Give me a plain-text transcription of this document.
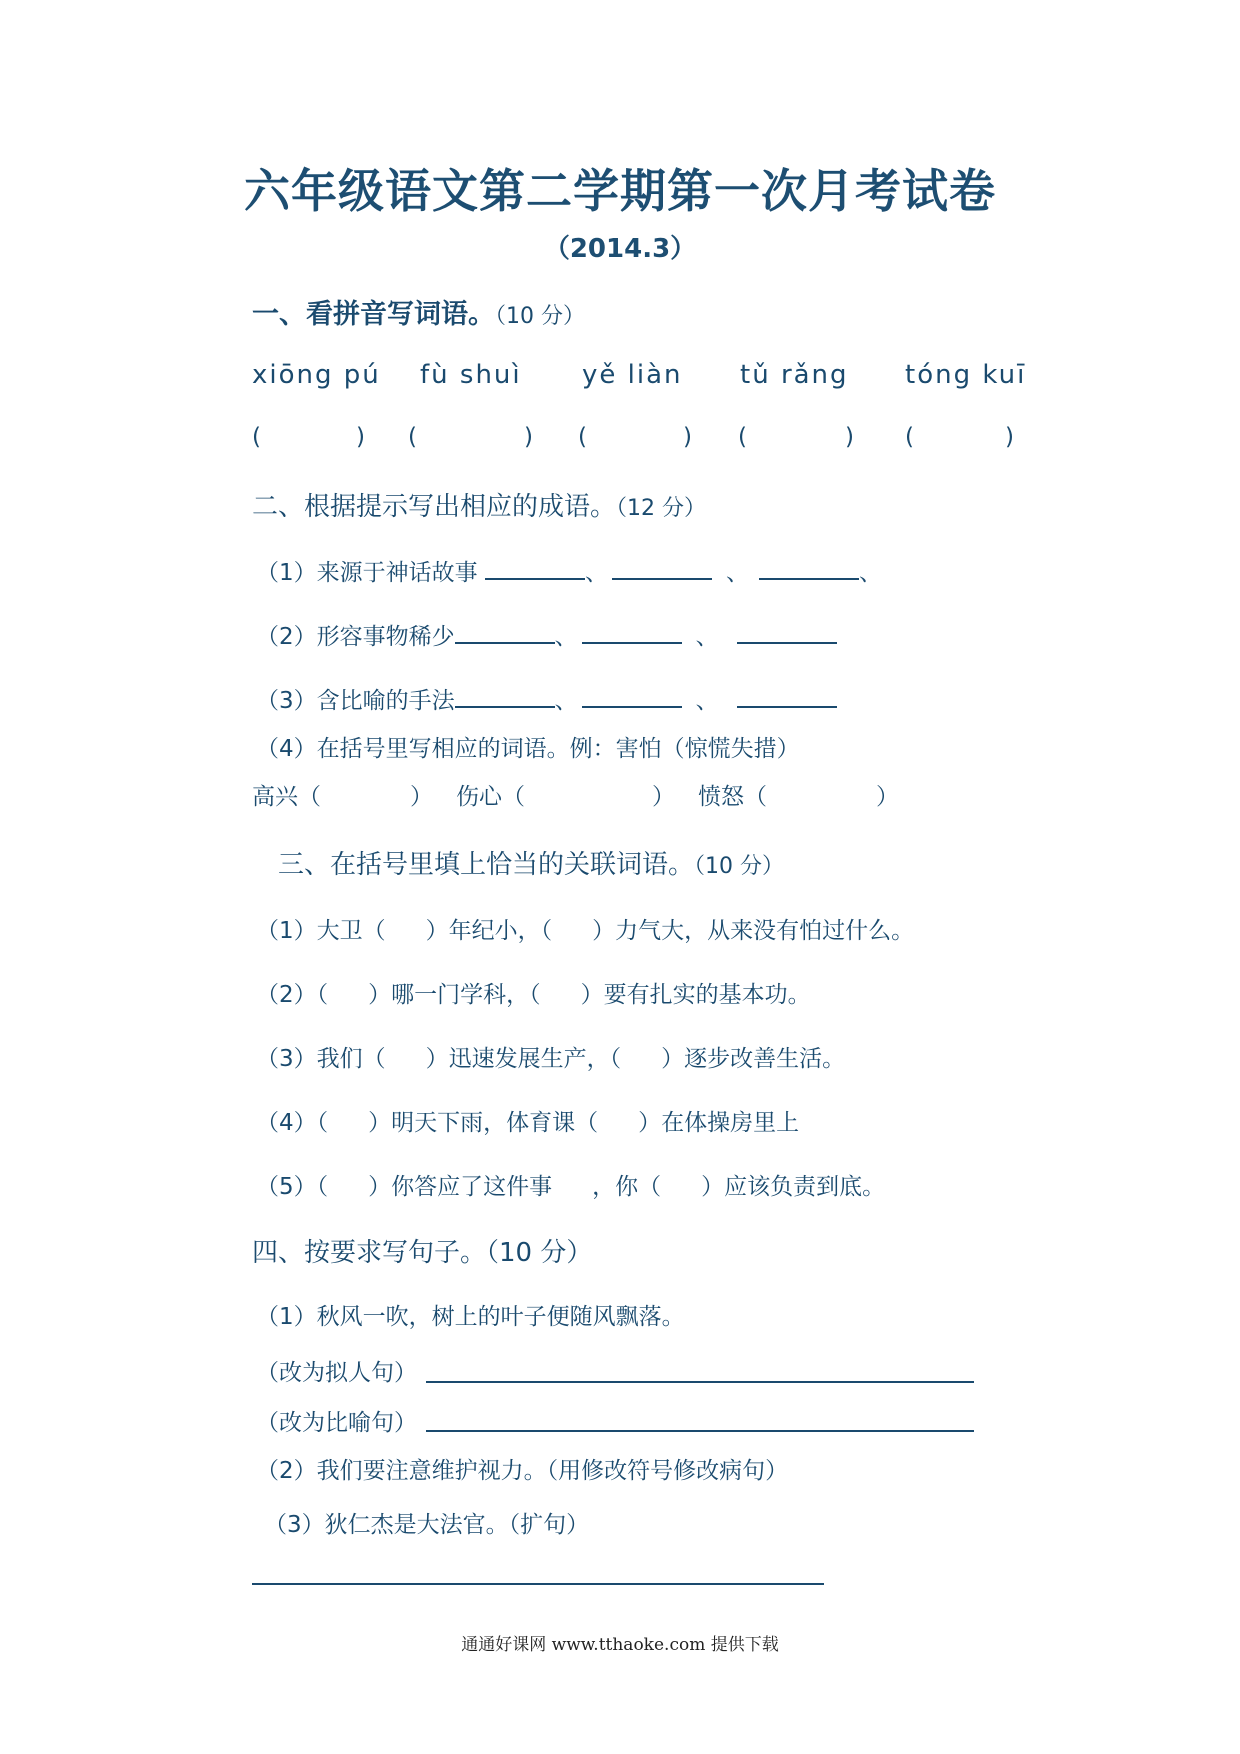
六年级语文第二学期第一次月考试卷
（2014.3）
一、看拼音写词语。（10 分）
xiōng pú fù shuì yě liàn tǔ rǎng tóng kuī
(	) (	) (	) (	) (	)
二、根据提示写出相应的成语。（12 分）
（1）来源于神话故事	、	、	、
（2）形容事物稀少	、	、
（3）含比喻的手法	、	、
（4）在括号里写相应的词语。例：害怕（惊慌失措）
高兴（	） 伤心（	） 愤怒（	）
三、在括号里填上恰当的关联词语。（10 分）
（1）大卫（ ）年纪小，（ ）力气大，从来没有怕过什么。
（2）（ ）哪一门学科，（ ）要有扎实的基本功。
（3）我们（ ）迅速发展生产，（ ）逐步改善生活。
（4）（ ）明天下雨，体育课（ ）在体操房里上
（5）（ ）你答应了这件事 ，你（ ）应该负责到底。
四、按要求写句子。（10 分）
（1）秋风一吹，树上的叶子便随风飘落。
（改为拟人句）
（改为比喻句）
（2）我们要注意维护视力。（用修改符号修改病句）
（3）狄仁杰是大法官。（扩句）
通通好课网 www.tthaoke.com 提供下载
